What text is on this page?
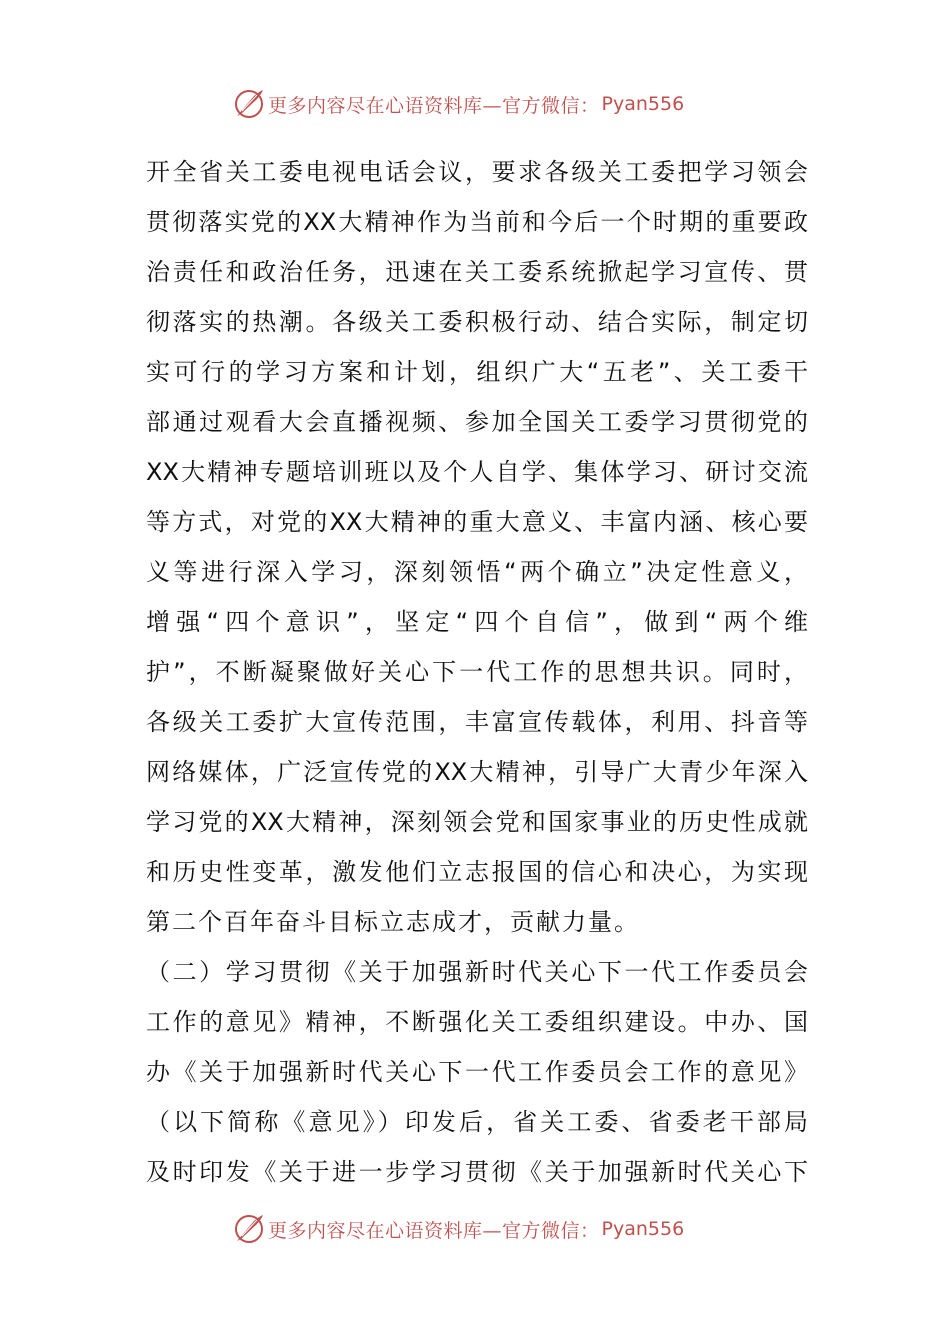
更多内容尽在心语资料库—官方微信： Pyan556
开全省关工委电视电话会议，要求各级关工委把学习领会
贯彻落实党的XX大精神作为当前和今后一个时期的重要政
治责任和政治任务，迅速在关工委系统掀起学习宣传、贯
彻落实的热潮。各级关工委积极行动、结合实际，制定切
实可行的学习方案和计划，组织广大“五老”、关工委干
部通过观看大会直播视频、参加全国关工委学习贯彻党的
XX大精神专题培训班以及个人自学、集体学习、研讨交流
等方式，对党的XX大精神的重大意义、丰富内涵、核心要
义等进行深入学习，深刻领悟“两个确立”决定性意义，
增强“四个意识”，坚定“四个自信”，做到“两个维
护”，不断凝聚做好关心下一代工作的思想共识。同时，
各级关工委扩大宣传范围，丰富宣传载体，利用、抖音等
网络媒体，广泛宣传党的XX大精神，引导广大青少年深入
学习党的XX大精神，深刻领会党和国家事业的历史性成就
和历史性变革，激发他们立志报国的信心和决心，为实现
第二个百年奋斗目标立志成才，贡献力量。
（二）学习贯彻《关于加强新时代关心下一代工作委员会
工作的意见》精神，不断强化关工委组织建设。中办、国
办《关于加强新时代关心下一代工作委员会工作的意见》
（以下简称《意见》）印发后，省关工委、省委老干部局
及时印发《关于进一步学习贯彻《关于加强新时代关心下
更多内容尽在心语资料库—官方微信： Pyan556
